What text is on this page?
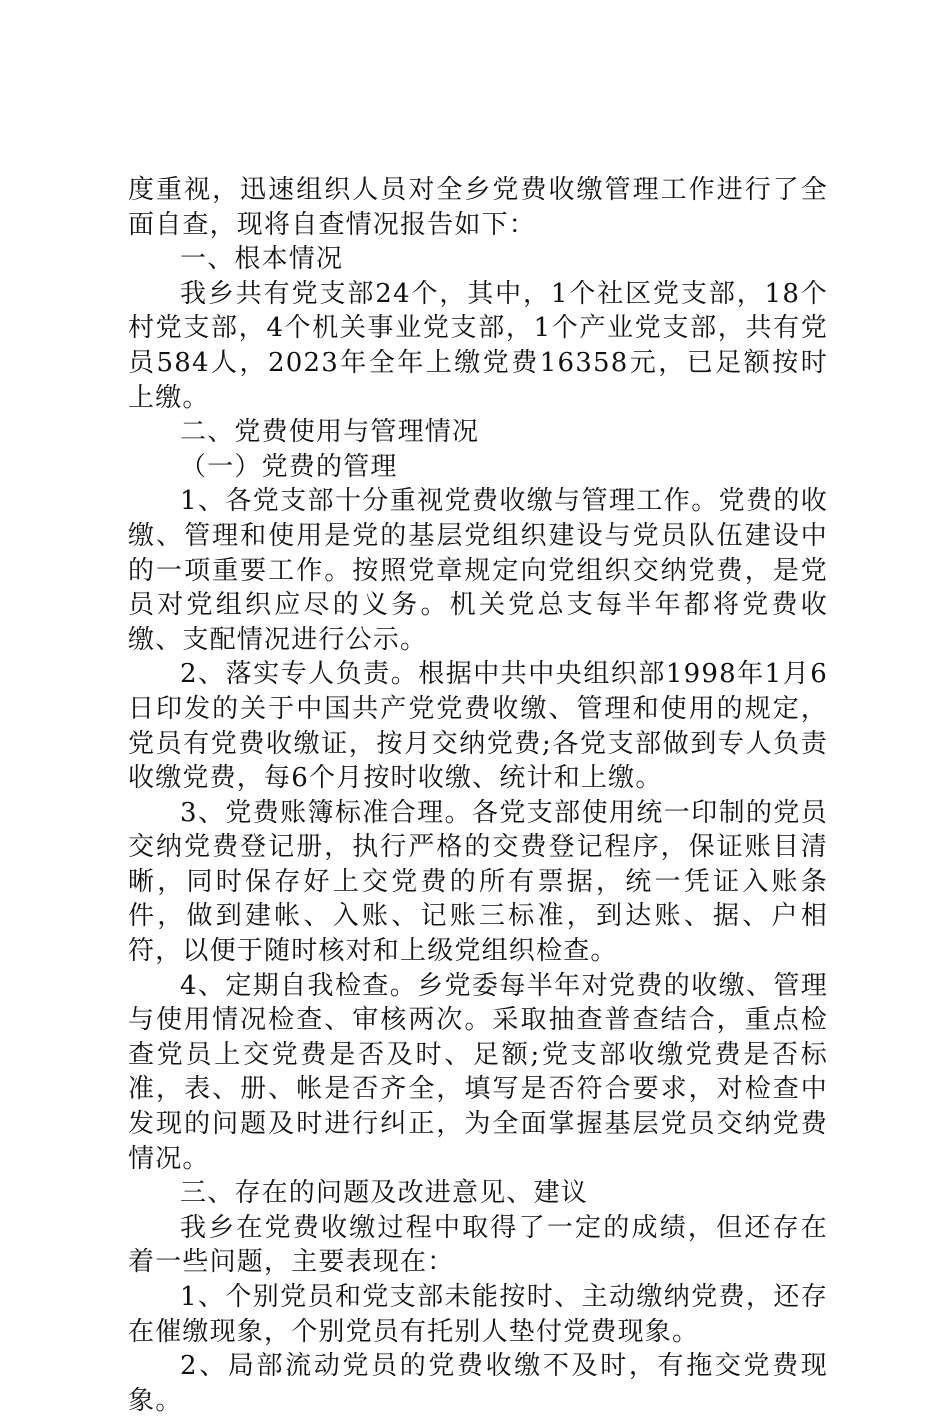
度重视，迅速组织人员对全乡党费收缴管理工作进行了全面自查，现将自查情况报告如下：

一、根本情况

我乡共有党支部24个，其中，1个社区党支部，18个村党支部，4个机关事业党支部，1个产业党支部，共有党员584人，2023年全年上缴党费16358元，已足额按时上缴。

二、党费使用与管理情况

（一）党费的管理

1、各党支部十分重视党费收缴与管理工作。党费的收缴、管理和使用是党的基层党组织建设与党员队伍建设中的一项重要工作。按照党章规定向党组织交纳党费，是党员对党组织应尽的义务。机关党总支每半年都将党费收缴、支配情况进行公示。

2、落实专人负责。根据中共中央组织部1998年1月6日印发的关于中国共产党党费收缴、管理和使用的规定，党员有党费收缴证，按月交纳党费;各党支部做到专人负责收缴党费，每6个月按时收缴、统计和上缴。

3、党费账簿标准合理。各党支部使用统一印制的党员交纳党费登记册，执行严格的交费登记程序，保证账目清晰，同时保存好上交党费的所有票据，统一凭证入账条件，做到建帐、入账、记账三标准，到达账、据、户相符，以便于随时核对和上级党组织检查。

4、定期自我检查。乡党委每半年对党费的收缴、管理与使用情况检查、审核两次。采取抽查普查结合，重点检查党员上交党费是否及时、足额;党支部收缴党费是否标准，表、册、帐是否齐全，填写是否符合要求，对检查中发现的问题及时进行纠正，为全面掌握基层党员交纳党费情况。

三、存在的问题及改进意见、建议

我乡在党费收缴过程中取得了一定的成绩，但还存在着一些问题，主要表现在：

1、个别党员和党支部未能按时、主动缴纳党费，还存在催缴现象，个别党员有托别人垫付党费现象。

2、局部流动党员的党费收缴不及时，有拖交党费现象。
